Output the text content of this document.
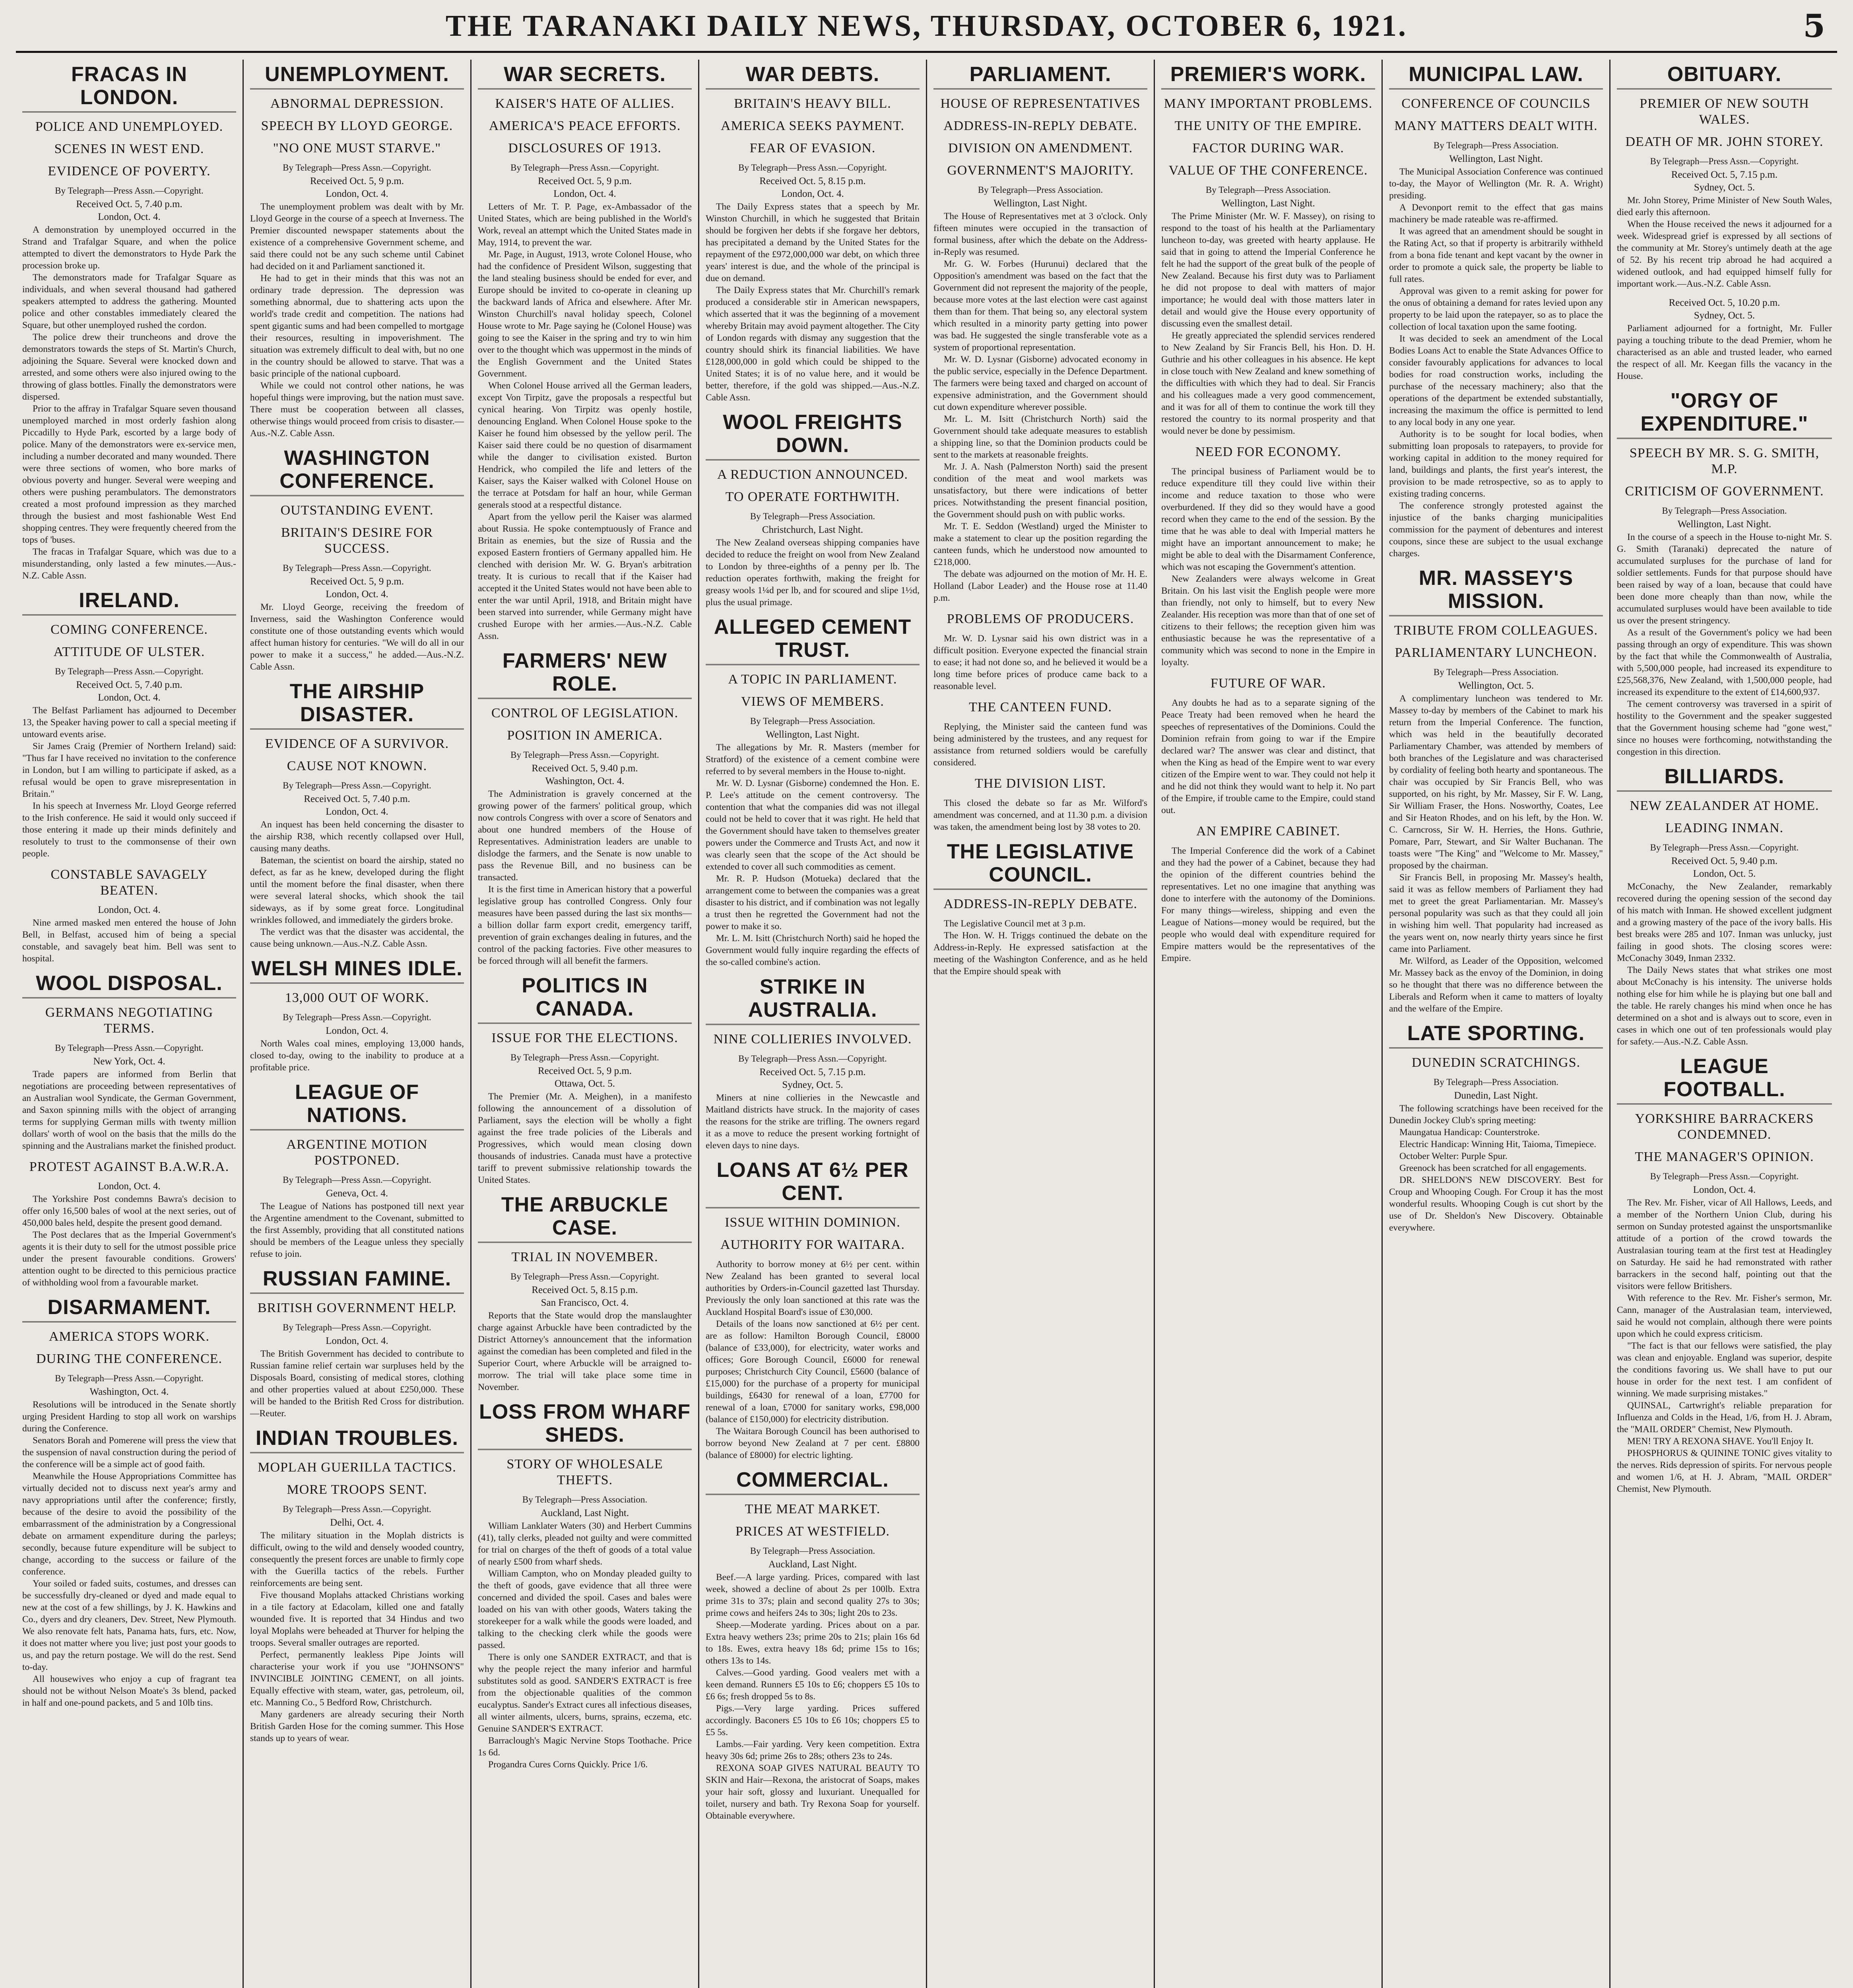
THE TARANAKI DAILY NEWS, THURSDAY, OCTOBER 6, 1921.	5
FRACAS IN LONDON.
POLICE AND UNEMPLOYED.
SCENES IN WEST END.
EVIDENCE OF POVERTY.
By Telegraph—Press Assn.—Copyright.
Received Oct. 5, 7.40 p.m.
London, Oct. 4.

A demonstration by unemployed occurred in the Strand and Trafalgar Square, and when the police attempted to divert the demonstrators to Hyde Park the procession broke up.

The demonstrators made for Trafalgar Square as individuals, and when several thousand had gathered speakers attempted to address the gathering. Mounted police and other constables immediately cleared the Square, but other unemployed rushed the cordon.

The police drew their truncheons and drove the demonstrators towards the steps of St. Martin's Church, adjoining the Square. Several were knocked down and arrested, and some others were also injured owing to the throwing of glass bottles. Finally the demonstrators were dispersed.

Prior to the affray in Trafalgar Square seven thousand unemployed marched in most orderly fashion along Piccadilly to Hyde Park, escorted by a large body of police. Many of the demonstrators were ex-service men, including a number decorated and many wounded. There were three sections of women, who bore marks of obvious poverty and hunger. Several were weeping and others were pushing perambulators. The demonstrators created a most profound impression as they marched through the busiest and most fashionable West End shopping centres. They were frequently cheered from the tops of 'buses.

The fracas in Trafalgar Square, which was due to a misunderstanding, only lasted a few minutes.—Aus.-N.Z. Cable Assn.

IRELAND.
COMING CONFERENCE.
ATTITUDE OF ULSTER.
By Telegraph—Press Assn.—Copyright.
Received Oct. 5, 7.40 p.m.
London, Oct. 4.

The Belfast Parliament has adjourned to December 13, the Speaker having power to call a special meeting if untoward events arise.

Sir James Craig (Premier of Northern Ireland) said: "Thus far I have received no invitation to the conference in London, but I am willing to participate if asked, as a refusal would be open to grave misrepresentation in Britain."

In his speech at Inverness Mr. Lloyd George referred to the Irish conference. He said it would only succeed if those entering it made up their minds definitely and resolutely to trust to the commonsense of their own people.

CONSTABLE SAVAGELY BEATEN.
London, Oct. 4.

Nine armed masked men entered the house of John Bell, in Belfast, accused him of being a special constable, and savagely beat him. Bell was sent to hospital.

WOOL DISPOSAL.
GERMANS NEGOTIATING TERMS.
By Telegraph—Press Assn.—Copyright.
New York, Oct. 4.

Trade papers are informed from Berlin that negotiations are proceeding between representatives of an Australian wool Syndicate, the German Government, and Saxon spinning mills with the object of arranging terms for supplying German mills with twenty million dollars' worth of wool on the basis that the mills do the spinning and the Australians market the finished product.

PROTEST AGAINST B.A.W.R.A.
London, Oct. 4.

The Yorkshire Post condemns Bawra's decision to offer only 16,500 bales of wool at the next series, out of 450,000 bales held, despite the present good demand.

The Post declares that as the Imperial Government's agents it is their duty to sell for the utmost possible price under the present favourable conditions. Growers' attention ought to be directed to this pernicious practice of withholding wool from a favourable market.

DISARMAMENT.
AMERICA STOPS WORK.
DURING THE CONFERENCE.
By Telegraph—Press Assn.—Copyright.
Washington, Oct. 4.

Resolutions will be introduced in the Senate shortly urging President Harding to stop all work on warships during the Conference.

Senators Borah and Pomerene will press the view that the suspension of naval construction during the period of the conference will be a simple act of good faith.

Meanwhile the House Appropriations Committee has virtually decided not to discuss next year's army and navy appropriations until after the conference; firstly, because of the desire to avoid the possibility of the embarrassment of the administration by a Congressional debate on armament expenditure during the parleys; secondly, because future expenditure will be subject to change, according to the success or failure of the conference.

Your soiled or faded suits, costumes, and dresses can be successfully dry-cleaned or dyed and made equal to new at the cost of a few shillings, by J. K. Hawkins and Co., dyers and dry cleaners, Dev. Street, New Plymouth. We also renovate felt hats, Panama hats, furs, etc. Now, it does not matter where you live; just post your goods to us, and pay the return postage. We will do the rest. Send to-day.

All housewives who enjoy a cup of fragrant tea should not be without Nelson Moate's 3s blend, packed in half and one-pound packets, and 5 and 10lb tins.

UNEMPLOYMENT.
ABNORMAL DEPRESSION.
SPEECH BY LLOYD GEORGE.
"NO ONE MUST STARVE."
By Telegraph—Press Assn.—Copyright.
Received Oct. 5, 9 p.m.
London, Oct. 4.

The unemployment problem was dealt with by Mr. Lloyd George in the course of a speech at Inverness. The Premier discounted newspaper statements about the existence of a comprehensive Government scheme, and said there could not be any such scheme until Cabinet had decided on it and Parliament sanctioned it.

He had to get in their minds that this was not an ordinary trade depression. The depression was something abnormal, due to shattering acts upon the world's trade credit and competition. The nations had spent gigantic sums and had been compelled to mortgage their resources, resulting in impoverishment. The situation was extremely difficult to deal with, but no one in the country should be allowed to starve. That was a basic principle of the national cupboard.

While we could not control other nations, he was hopeful things were improving, but the nation must save. There must be cooperation between all classes, otherwise things would proceed from crisis to disaster.—Aus.-N.Z. Cable Assn.

WASHINGTON CONFERENCE.
OUTSTANDING EVENT.
BRITAIN'S DESIRE FOR SUCCESS.
By Telegraph—Press Assn.—Copyright.
Received Oct. 5, 9 p.m.
London, Oct. 4.

Mr. Lloyd George, receiving the freedom of Inverness, said the Washington Conference would constitute one of those outstanding events which would affect human history for centuries. "We will do all in our power to make it a success," he added.—Aus.-N.Z. Cable Assn.

THE AIRSHIP DISASTER.
EVIDENCE OF A SURVIVOR.
CAUSE NOT KNOWN.
By Telegraph—Press Assn.—Copyright.
Received Oct. 5, 7.40 p.m.
London, Oct. 4.

An inquest has been held concerning the disaster to the airship R38, which recently collapsed over Hull, causing many deaths.

Bateman, the scientist on board the airship, stated no defect, as far as he knew, developed during the flight until the moment before the final disaster, when there were several lateral shocks, which shook the tail sideways, as if by some great force. Longitudinal wrinkles followed, and immediately the girders broke.

The verdict was that the disaster was accidental, the cause being unknown.—Aus.-N.Z. Cable Assn.

WELSH MINES IDLE.
13,000 OUT OF WORK.
By Telegraph—Press Assn.—Copyright.
London, Oct. 4.

North Wales coal mines, employing 13,000 hands, closed to-day, owing to the inability to produce at a profitable price.

LEAGUE OF NATIONS.
ARGENTINE MOTION POSTPONED.
By Telegraph—Press Assn.—Copyright.
Geneva, Oct. 4.

The League of Nations has postponed till next year the Argentine amendment to the Covenant, submitted to the first Assembly, providing that all constituted nations should be members of the League unless they specially refuse to join.

RUSSIAN FAMINE.
BRITISH GOVERNMENT HELP.
By Telegraph—Press Assn.—Copyright.
London, Oct. 4.

The British Government has decided to contribute to Russian famine relief certain war surpluses held by the Disposals Board, consisting of medical stores, clothing and other properties valued at about £250,000. These will be handed to the British Red Cross for distribution.—Reuter.

INDIAN TROUBLES.
MOPLAH GUERILLA TACTICS.
MORE TROOPS SENT.
By Telegraph—Press Assn.—Copyright.
Delhi, Oct. 4.

The military situation in the Moplah districts is difficult, owing to the wild and densely wooded country, consequently the present forces are unable to firmly cope with the Guerilla tactics of the rebels. Further reinforcements are being sent.

Five thousand Moplahs attacked Christians working in a tile factory at Edacolam, killed one and fatally wounded five. It is reported that 34 Hindus and two loyal Moplahs were beheaded at Thurver for helping the troops. Several smaller outrages are reported.

Perfect, permanently leakless Pipe Joints will characterise your work if you use "JOHNSON'S" INVINCIBLE JOINTING CEMENT, on all joints. Equally effective with steam, water, gas, petroleum, oil, etc. Manning Co., 5 Bedford Row, Christchurch.

Many gardeners are already securing their North British Garden Hose for the coming summer. This Hose stands up to years of wear.

WAR SECRETS.
KAISER'S HATE OF ALLIES.
AMERICA'S PEACE EFFORTS.
DISCLOSURES OF 1913.
By Telegraph—Press Assn.—Copyright.
Received Oct. 5, 9 p.m.
London, Oct. 4.

Letters of Mr. T. P. Page, ex-Ambassador of the United States, which are being published in the World's Work, reveal an attempt which the United States made in May, 1914, to prevent the war.

Mr. Page, in August, 1913, wrote Colonel House, who had the confidence of President Wilson, suggesting that the land stealing business should be ended for ever, and Europe should be invited to co-operate in cleaning up the backward lands of Africa and elsewhere. After Mr. Winston Churchill's naval holiday speech, Colonel House wrote to Mr. Page saying he (Colonel House) was going to see the Kaiser in the spring and try to win him over to the thought which was uppermost in the minds of the English Government and the United States Government.

When Colonel House arrived all the German leaders, except Von Tirpitz, gave the proposals a respectful but cynical hearing. Von Tirpitz was openly hostile, denouncing England. When Colonel House spoke to the Kaiser he found him obsessed by the yellow peril. The Kaiser said there could be no question of disarmament while the danger to civilisation existed. Burton Hendrick, who compiled the life and letters of the Kaiser, says the Kaiser walked with Colonel House on the terrace at Potsdam for half an hour, while German generals stood at a respectful distance.

Apart from the yellow peril the Kaiser was alarmed about Russia. He spoke contemptuously of France and Britain as enemies, but the size of Russia and the exposed Eastern frontiers of Germany appalled him. He clenched with derision Mr. W. G. Bryan's arbitration treaty. It is curious to recall that if the Kaiser had accepted it the United States would not have been able to enter the war until April, 1918, and Britain might have been starved into surrender, while Germany might have crushed Europe with her armies.—Aus.-N.Z. Cable Assn.

FARMERS' NEW ROLE.
CONTROL OF LEGISLATION.
POSITION IN AMERICA.
By Telegraph—Press Assn.—Copyright.
Received Oct. 5, 9.40 p.m.
Washington, Oct. 4.

The Administration is gravely concerned at the growing power of the farmers' political group, which now controls Congress with over a score of Senators and about one hundred members of the House of Representatives. Administration leaders are unable to dislodge the farmers, and the Senate is now unable to pass the Revenue Bill, and no business can be transacted.

It is the first time in American history that a powerful legislative group has controlled Congress. Only four measures have been passed during the last six months—a billion dollar farm export credit, emergency tariff, prevention of grain exchanges dealing in futures, and the control of the packing factories. Five other measures to be forced through will all benefit the farmers.

POLITICS IN CANADA.
ISSUE FOR THE ELECTIONS.
By Telegraph—Press Assn.—Copyright.
Received Oct. 5, 9 p.m.
Ottawa, Oct. 5.

The Premier (Mr. A. Meighen), in a manifesto following the announcement of a dissolution of Parliament, says the election will be wholly a fight against the free trade policies of the Liberals and Progressives, which would mean closing down thousands of industries. Canada must have a protective tariff to prevent submissive relationship towards the United States.

THE ARBUCKLE CASE.
TRIAL IN NOVEMBER.
By Telegraph—Press Assn.—Copyright.
Received Oct. 5, 8.15 p.m.
San Francisco, Oct. 4.

Reports that the State would drop the manslaughter charge against Arbuckle have been contradicted by the District Attorney's announcement that the information against the comedian has been completed and filed in the Superior Court, where Arbuckle will be arraigned to-morrow. The trial will take place some time in November.

LOSS FROM WHARF SHEDS.
STORY OF WHOLESALE THEFTS.
By Telegraph—Press Association.
Auckland, Last Night.

William Lanklater Waters (30) and Herbert Cummins (41), tally clerks, pleaded not guilty and were committed for trial on charges of the theft of goods of a total value of nearly £500 from wharf sheds.

William Campton, who on Monday pleaded guilty to the theft of goods, gave evidence that all three were concerned and divided the spoil. Cases and bales were loaded on his van with other goods, Waters taking the storekeeper for a walk while the goods were loaded, and talking to the checking clerk while the goods were passed.

There is only one SANDER EXTRACT, and that is why the people reject the many inferior and harmful substitutes sold as good. SANDER'S EXTRACT is free from the objectionable qualities of the common eucalyptus. Sander's Extract cures all infectious diseases, all winter ailments, ulcers, burns, sprains, eczema, etc. Genuine SANDER'S EXTRACT.

Barraclough's Magic Nervine Stops Toothache. Price 1s 6d.

Progandra Cures Corns Quickly. Price 1/6.

WAR DEBTS.
BRITAIN'S HEAVY BILL.
AMERICA SEEKS PAYMENT.
FEAR OF EVASION.
By Telegraph—Press Assn.—Copyright.
Received Oct. 5, 8.15 p.m.
London, Oct. 4.

The Daily Express states that a speech by Mr. Winston Churchill, in which he suggested that Britain should be forgiven her debts if she forgave her debtors, has precipitated a demand by the United States for the repayment of the £972,000,000 war debt, on which three years' interest is due, and the whole of the principal is due on demand.

The Daily Express states that Mr. Churchill's remark produced a considerable stir in American newspapers, which asserted that it was the beginning of a movement whereby Britain may avoid payment altogether. The City of London regards with dismay any suggestion that the country should shirk its financial liabilities. We have £128,000,000 in gold which could be shipped to the United States; it is of no value here, and it would be better, therefore, if the gold was shipped.—Aus.-N.Z. Cable Assn.

WOOL FREIGHTS DOWN.
A REDUCTION ANNOUNCED.
TO OPERATE FORTHWITH.
By Telegraph—Press Association.
Christchurch, Last Night.

The New Zealand overseas shipping companies have decided to reduce the freight on wool from New Zealand to London by three-eighths of a penny per lb. The reduction operates forthwith, making the freight for greasy wools 1¼d per lb, and for scoured and slipe 1½d, plus the usual primage.

ALLEGED CEMENT TRUST.
A TOPIC IN PARLIAMENT.
VIEWS OF MEMBERS.
By Telegraph—Press Association.
Wellington, Last Night.

The allegations by Mr. R. Masters (member for Stratford) of the existence of a cement combine were referred to by several members in the House to-night.

Mr. W. D. Lysnar (Gisborne) condemned the Hon. E. P. Lee's attitude on the cement controversy. The contention that what the companies did was not illegal could not be held to cover that it was right. He held that the Government should have taken to themselves greater powers under the Commerce and Trusts Act, and now it was clearly seen that the scope of the Act should be extended to cover all such commodities as cement.

Mr. R. P. Hudson (Motueka) declared that the arrangement come to between the companies was a great disaster to his district, and if combination was not legally a trust then he regretted the Government had not the power to make it so.

Mr. L. M. Isitt (Christchurch North) said he hoped the Government would fully inquire regarding the effects of the so-called combine's action.

STRIKE IN AUSTRALIA.
NINE COLLIERIES INVOLVED.
By Telegraph—Press Assn.—Copyright.
Received Oct. 5, 7.15 p.m.
Sydney, Oct. 5.

Miners at nine collieries in the Newcastle and Maitland districts have struck. In the majority of cases the reasons for the strike are trifling. The owners regard it as a move to reduce the present working fortnight of eleven days to nine days.

LOANS AT 6½ PER CENT.
ISSUE WITHIN DOMINION.
AUTHORITY FOR WAITARA.

Authority to borrow money at 6½ per cent. within New Zealand has been granted to several local authorities by Orders-in-Council gazetted last Thursday. Previously the only loan sanctioned at this rate was the Auckland Hospital Board's issue of £30,000.

Details of the loans now sanctioned at 6½ per cent. are as follow: Hamilton Borough Council, £8000 (balance of £33,000), for electricity, water works and offices; Gore Borough Council, £6000 for renewal purposes; Christchurch City Council, £5600 (balance of £15,000) for the purchase of a property for municipal buildings, £6430 for renewal of a loan, £7700 for renewal of a loan, £7000 for sanitary works, £98,000 (balance of £150,000) for electricity distribution.

The Waitara Borough Council has been authorised to borrow beyond New Zealand at 7 per cent. £8800 (balance of £8000) for electric lighting.

COMMERCIAL.
THE MEAT MARKET.
PRICES AT WESTFIELD.
By Telegraph—Press Association.
Auckland, Last Night.

Beef.—A large yarding. Prices, compared with last week, showed a decline of about 2s per 100lb. Extra prime 31s to 37s; plain and second quality 27s to 30s; prime cows and heifers 24s to 30s; light 20s to 23s.

Sheep.—Moderate yarding. Prices about on a par. Extra heavy wethers 23s; prime 20s to 21s; plain 16s 6d to 18s. Ewes, extra heavy 18s 6d; prime 15s to 16s; others 13s to 14s.

Calves.—Good yarding. Good vealers met with a keen demand. Runners £5 10s to £6; choppers £5 10s to £6 6s; fresh dropped 5s to 8s.

Pigs.—Very large yarding. Prices suffered accordingly. Baconers £5 10s to £6 10s; choppers £5 to £5 5s.

Lambs.—Fair yarding. Very keen competition. Extra heavy 30s 6d; prime 26s to 28s; others 23s to 24s.

REXONA SOAP GIVES NATURAL BEAUTY TO SKIN and Hair—Rexona, the aristocrat of Soaps, makes your hair soft, glossy and luxuriant. Unequalled for toilet, nursery and bath. Try Rexona Soap for yourself. Obtainable everywhere.

PARLIAMENT.
HOUSE OF REPRESENTATIVES
ADDRESS-IN-REPLY DEBATE.
DIVISION ON AMENDMENT.
GOVERNMENT'S MAJORITY.
By Telegraph—Press Association.
Wellington, Last Night.

The House of Representatives met at 3 o'clock. Only fifteen minutes were occupied in the transaction of formal business, after which the debate on the Address-in-Reply was resumed.

Mr. G. W. Forbes (Hurunui) declared that the Opposition's amendment was based on the fact that the Government did not represent the majority of the people, because more votes at the last election were cast against them than for them. That being so, any electoral system which resulted in a minority party getting into power was bad. He suggested the single transferable vote as a system of proportional representation.

Mr. W. D. Lysnar (Gisborne) advocated economy in the public service, especially in the Defence Department. The farmers were being taxed and charged on account of expensive administration, and the Government should cut down expenditure wherever possible.

Mr. L. M. Isitt (Christchurch North) said the Government should take adequate measures to establish a shipping line, so that the Dominion products could be sent to the markets at reasonable freights.

Mr. J. A. Nash (Palmerston North) said the present condition of the meat and wool markets was unsatisfactory, but there were indications of better prices. Notwithstanding the present financial position, the Government should push on with public works.

Mr. T. E. Seddon (Westland) urged the Minister to make a statement to clear up the position regarding the canteen funds, which he understood now amounted to £218,000.

The debate was adjourned on the motion of Mr. H. E. Holland (Labor Leader) and the House rose at 11.40 p.m.

PROBLEMS OF PRODUCERS.

Mr. W. D. Lysnar said his own district was in a difficult position. Everyone expected the financial strain to ease; it had not done so, and he believed it would be a long time before prices of produce came back to a reasonable level.

THE CANTEEN FUND.

Replying, the Minister said the canteen fund was being administered by the trustees, and any request for assistance from returned soldiers would be carefully considered.

THE DIVISION LIST.

This closed the debate so far as Mr. Wilford's amendment was concerned, and at 11.30 p.m. a division was taken, the amendment being lost by 38 votes to 20.

THE LEGISLATIVE COUNCIL.
ADDRESS-IN-REPLY DEBATE.

The Legislative Council met at 3 p.m.

The Hon. W. H. Triggs continued the debate on the Address-in-Reply. He expressed satisfaction at the meeting of the Washington Conference, and as he held that the Empire should speak with

PREMIER'S WORK.
MANY IMPORTANT PROBLEMS.
THE UNITY OF THE EMPIRE.
FACTOR DURING WAR.
VALUE OF THE CONFERENCE.
By Telegraph—Press Association.
Wellington, Last Night.

The Prime Minister (Mr. W. F. Massey), on rising to respond to the toast of his health at the Parliamentary luncheon to-day, was greeted with hearty applause. He said that in going to attend the Imperial Conference he felt he had the support of the great bulk of the people of New Zealand. Because his first duty was to Parliament he did not propose to deal with matters of major importance; he would deal with those matters later in detail and would give the House every opportunity of discussing even the smallest detail.

He greatly appreciated the splendid services rendered to New Zealand by Sir Francis Bell, his Hon. D. H. Guthrie and his other colleagues in his absence. He kept in close touch with New Zealand and knew something of the difficulties with which they had to deal. Sir Francis and his colleagues made a very good commencement, and it was for all of them to continue the work till they restored the country to its normal prosperity and that would never be done by pessimism.

NEED FOR ECONOMY.

The principal business of Parliament would be to reduce expenditure till they could live within their income and reduce taxation to those who were overburdened. If they did so they would have a good record when they came to the end of the session. By the time that he was able to deal with Imperial matters he might have an important announcement to make; he might be able to deal with the Disarmament Conference, which was not escaping the Government's attention.

New Zealanders were always welcome in Great Britain. On his last visit the English people were more than friendly, not only to himself, but to every New Zealander. His reception was more than that of one set of citizens to their fellows; the reception given him was enthusiastic because he was the representative of a community which was second to none in the Empire in loyalty.

FUTURE OF WAR.

Any doubts he had as to a separate signing of the Peace Treaty had been removed when he heard the speeches of representatives of the Dominions. Could the Dominion refrain from going to war if the Empire declared war? The answer was clear and distinct, that when the King as head of the Empire went to war every citizen of the Empire went to war. They could not help it and he did not think they would want to help it. No part of the Empire, if trouble came to the Empire, could stand out.

AN EMPIRE CABINET.

The Imperial Conference did the work of a Cabinet and they had the power of a Cabinet, because they had the opinion of the different countries behind the representatives. Let no one imagine that anything was done to interfere with the autonomy of the Dominions. For many things—wireless, shipping and even the League of Nations—money would be required, but the people who would deal with expenditure required for Empire matters would be the representatives of the Empire.

MUNICIPAL LAW.
CONFERENCE OF COUNCILS
MANY MATTERS DEALT WITH.
By Telegraph—Press Association.
Wellington, Last Night.

The Municipal Association Conference was continued to-day, the Mayor of Wellington (Mr. R. A. Wright) presiding.

A Devonport remit to the effect that gas mains machinery be made rateable was re-affirmed.

It was agreed that an amendment should be sought in the Rating Act, so that if property is arbitrarily withheld from a bona fide tenant and kept vacant by the owner in order to promote a quick sale, the property be liable to full rates.

Approval was given to a remit asking for power for the onus of obtaining a demand for rates levied upon any property to be laid upon the ratepayer, so as to place the collection of local taxation upon the same footing.

It was decided to seek an amendment of the Local Bodies Loans Act to enable the State Advances Office to consider favourably applications for advances to local bodies for road construction works, including the purchase of the necessary machinery; also that the operations of the department be extended substantially, increasing the maximum the office is permitted to lend to any local body in any one year.

Authority is to be sought for local bodies, when submitting loan proposals to ratepayers, to provide for working capital in addition to the money required for land, buildings and plants, the first year's interest, the provision to be made retrospective, so as to apply to existing trading concerns.

The conference strongly protested against the injustice of the banks charging municipalities commission for the payment of debentures and interest coupons, since these are subject to the usual exchange charges.

MR. MASSEY'S MISSION.
TRIBUTE FROM COLLEAGUES.
PARLIAMENTARY LUNCHEON.
By Telegraph—Press Association.
Wellington, Oct. 5.

A complimentary luncheon was tendered to Mr. Massey to-day by members of the Cabinet to mark his return from the Imperial Conference. The function, which was held in the beautifully decorated Parliamentary Chamber, was attended by members of both branches of the Legislature and was characterised by cordiality of feeling both hearty and spontaneous. The chair was occupied by Sir Francis Bell, who was supported, on his right, by Mr. Massey, Sir F. W. Lang, Sir William Fraser, the Hons. Nosworthy, Coates, Lee and Sir Heaton Rhodes, and on his left, by the Hon. W. C. Carncross, Sir W. H. Herries, the Hons. Guthrie, Pomare, Parr, Stewart, and Sir Walter Buchanan. The toasts were "The King" and "Welcome to Mr. Massey," proposed by the chairman.

Sir Francis Bell, in proposing Mr. Massey's health, said it was as fellow members of Parliament they had met to greet the great Parliamentarian. Mr. Massey's personal popularity was such as that they could all join in wishing him well. That popularity had increased as the years went on, now nearly thirty years since he first came into Parliament.

Mr. Wilford, as Leader of the Opposition, welcomed Mr. Massey back as the envoy of the Dominion, in doing so he thought that there was no difference between the Liberals and Reform when it came to matters of loyalty and the welfare of the Empire.

LATE SPORTING.
DUNEDIN SCRATCHINGS.
By Telegraph—Press Association.
Dunedin, Last Night.

The following scratchings have been received for the Dunedin Jockey Club's spring meeting:

Maungatua Handicap: Counterstroke.

Electric Handicap: Winning Hit, Taioma, Timepiece.

October Welter: Purple Spur.

Greenock has been scratched for all engagements.

DR. SHELDON'S NEW DISCOVERY. Best for Croup and Whooping Cough. For Croup it has the most wonderful results. Whooping Cough is cut short by the use of Dr. Sheldon's New Discovery. Obtainable everywhere.

OBITUARY.
PREMIER OF NEW SOUTH WALES.
DEATH OF MR. JOHN STOREY.
By Telegraph—Press Assn.—Copyright.
Received Oct. 5, 7.15 p.m.
Sydney, Oct. 5.

Mr. John Storey, Prime Minister of New South Wales, died early this afternoon.

When the House received the news it adjourned for a week. Widespread grief is expressed by all sections of the community at Mr. Storey's untimely death at the age of 52. By his recent trip abroad he had acquired a widened outlook, and had equipped himself fully for important work.—Aus.-N.Z. Cable Assn.

Received Oct. 5, 10.20 p.m.
Sydney, Oct. 5.

Parliament adjourned for a fortnight, Mr. Fuller paying a touching tribute to the dead Premier, whom he characterised as an able and trusted leader, who earned the respect of all. Mr. Keegan fills the vacancy in the House.

"ORGY OF EXPENDITURE."
SPEECH BY MR. S. G. SMITH, M.P.
CRITICISM OF GOVERNMENT.
By Telegraph—Press Association.
Wellington, Last Night.

In the course of a speech in the House to-night Mr. S. G. Smith (Taranaki) deprecated the nature of accumulated surpluses for the purchase of land for soldier settlements. Funds for that purpose should have been raised by way of a loan, because that could have been done more cheaply than than now, while the accumulated surpluses would have been available to tide us over the present stringency.

As a result of the Government's policy we had been passing through an orgy of expenditure. This was shown by the fact that while the Commonwealth of Australia, with 5,500,000 people, had increased its expenditure to £25,568,376, New Zealand, with 1,500,000 people, had increased its expenditure to the extent of £14,600,937.

The cement controversy was traversed in a spirit of hostility to the Government and the speaker suggested that the Government housing scheme had "gone west," since no houses were forthcoming, notwithstanding the congestion in this direction.

BILLIARDS.
NEW ZEALANDER AT HOME.
LEADING INMAN.
By Telegraph—Press Assn.—Copyright.
Received Oct. 5, 9.40 p.m.
London, Oct. 5.

McConachy, the New Zealander, remarkably recovered during the opening session of the second day of his match with Inman. He showed excellent judgment and a growing mastery of the pace of the ivory balls. His best breaks were 285 and 107. Inman was unlucky, just failing in good shots. The closing scores were: McConachy 3049, Inman 2332.

The Daily News states that what strikes one most about McConachy is his intensity. The universe holds nothing else for him while he is playing but one ball and the table. He rarely changes his mind when once he has determined on a shot and is always out to score, even in cases in which one out of ten professionals would play for safety.—Aus.-N.Z. Cable Assn.

LEAGUE FOOTBALL.
YORKSHIRE BARRACKERS CONDEMNED.
THE MANAGER'S OPINION.
By Telegraph—Press Assn.—Copyright.
London, Oct. 4.

The Rev. Mr. Fisher, vicar of All Hallows, Leeds, and a member of the Northern Union Club, during his sermon on Sunday protested against the unsportsmanlike attitude of a portion of the crowd towards the Australasian touring team at the first test at Headingley on Saturday. He said he had remonstrated with rather barrackers in the second half, pointing out that the visitors were fellow Britishers.

With reference to the Rev. Mr. Fisher's sermon, Mr. Cann, manager of the Australasian team, interviewed, said he would not complain, although there were points upon which he could express criticism.

"The fact is that our fellows were satisfied, the play was clean and enjoyable. England was superior, despite the conditions favoring us. We shall have to put our house in order for the next test. I am confident of winning. We made surprising mistakes."

QUINSAL, Cartwright's reliable preparation for Influenza and Colds in the Head, 1/6, from H. J. Abram, the "MAIL ORDER" Chemist, New Plymouth.

MEN! TRY A REXONA SHAVE. You'll Enjoy It.

PHOSPHORUS & QUININE TONIC gives vitality to the nerves. Rids depression of spirits. For nervous people and women 1/6, at H. J. Abram, "MAIL ORDER" Chemist, New Plymouth.
